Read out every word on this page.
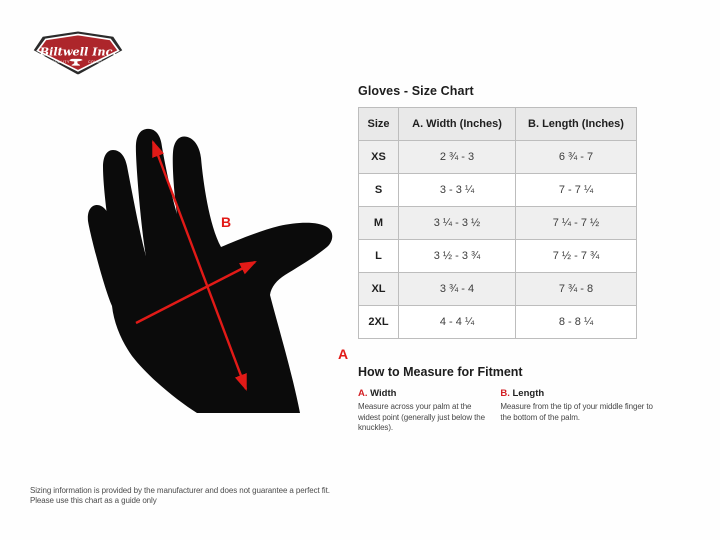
Biltwell Inc.
“QUALITY	COUNTS”
B
A
Gloves - Size Chart
Size	A. Width (Inches)	B. Length (Inches)
XS	2 ¾ - 3	6 ¾ - 7
S	3 - 3 ¼	7 - 7 ¼
M	3 ¼ - 3 ½	7 ¼ - 7 ½
L	3 ½ - 3 ¾	7 ½ - 7 ¾
XL	3 ¾ - 4	7 ¾ - 8
2XL	4 - 4 ¼	8 - 8 ¼
How to Measure for Fitment
A. Width
Measure across your palm at the widest point (generally just below the knuckles).
B. Length
Measure from the tip of your middle finger to the bottom of the palm.
Sizing information is provided by the manufacturer and does not guarantee a perfect fit.
Please use this chart as a guide only
